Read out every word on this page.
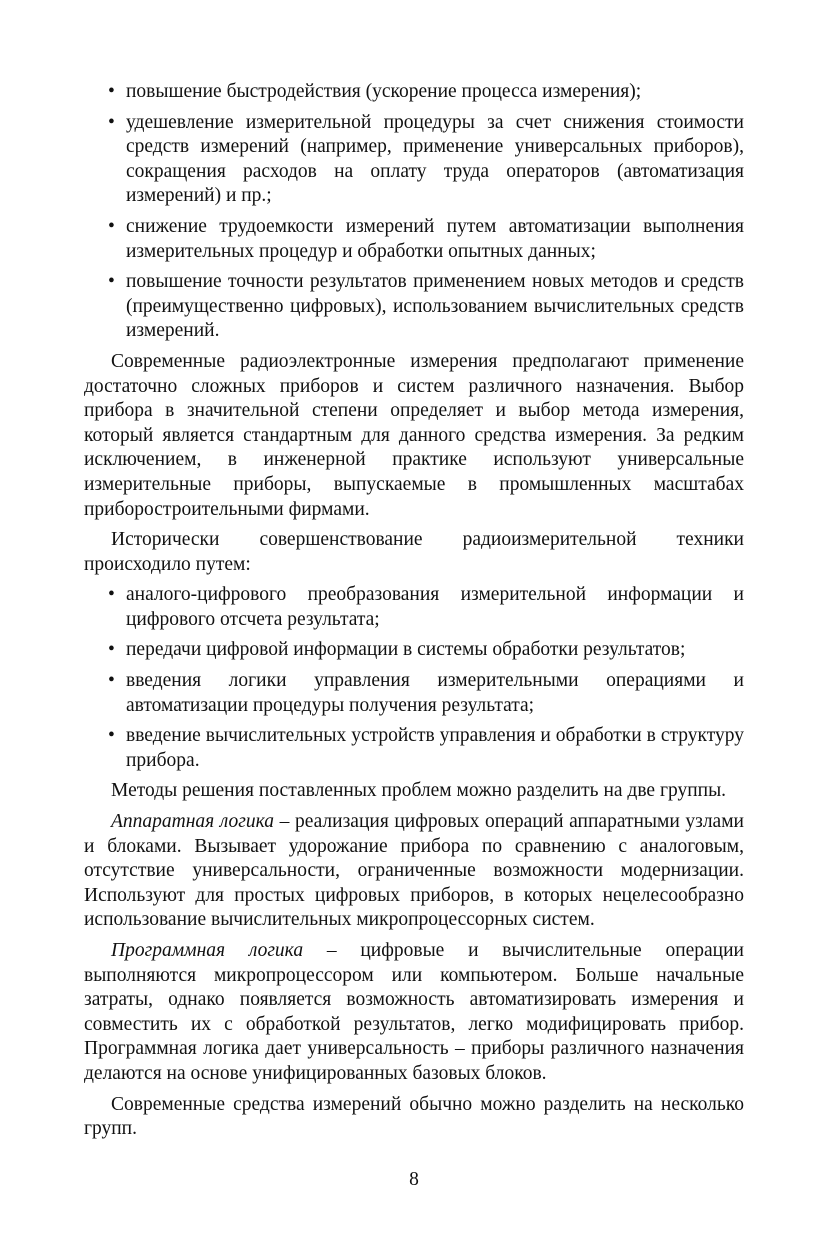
• повышение быстродействия (ускорение процесса измерения);
• удешевление измерительной процедуры за счет снижения стоимости средств измерений (например, применение универсальных приборов), сокращения расходов на оплату труда операторов (автоматизация измерений) и пр.;
• снижение трудоемкости измерений путем автоматизации выполнения измерительных процедур и обработки опытных данных;
• повышение точности результатов применением новых методов и средств (преимущественно цифровых), использованием вычислительных средств измерений.

Современные радиоэлектронные измерения предполагают применение достаточно сложных приборов и систем различного назначения. Выбор прибора в значительной степени определяет и выбор метода измерения, который является стандартным для данного средства измерения. За редким исключением, в инженерной практике используют универсальные измерительные приборы, выпускаемые в промышленных масштабах приборостроительными фирмами.

Исторически совершенствование радиоизмерительной техники происходило путем:

• аналого-цифрового преобразования измерительной информации и цифрового отсчета результата;
• передачи цифровой информации в системы обработки результатов;
• введения логики управления измерительными операциями и автоматизации процедуры получения результата;
• введение вычислительных устройств управления и обработки в структуру прибора.

Методы решения поставленных проблем можно разделить на две группы.

Аппаратная логика – реализация цифровых операций аппаратными узлами и блоками. Вызывает удорожание прибора по сравнению с аналоговым, отсутствие универсальности, ограниченные возможности модернизации. Используют для простых цифровых приборов, в которых нецелесообразно использование вычислительных микропроцессорных систем.

Программная логика – цифровые и вычислительные операции выполняются микропроцессором или компьютером. Больше начальные затраты, однако появляется возможность автоматизировать измерения и совместить их с обработкой результатов, легко модифицировать прибор. Программная логика дает универсальность – приборы различного назначения делаются на основе унифицированных базовых блоков.

Современные средства измерений обычно можно разделить на несколько групп.

8
